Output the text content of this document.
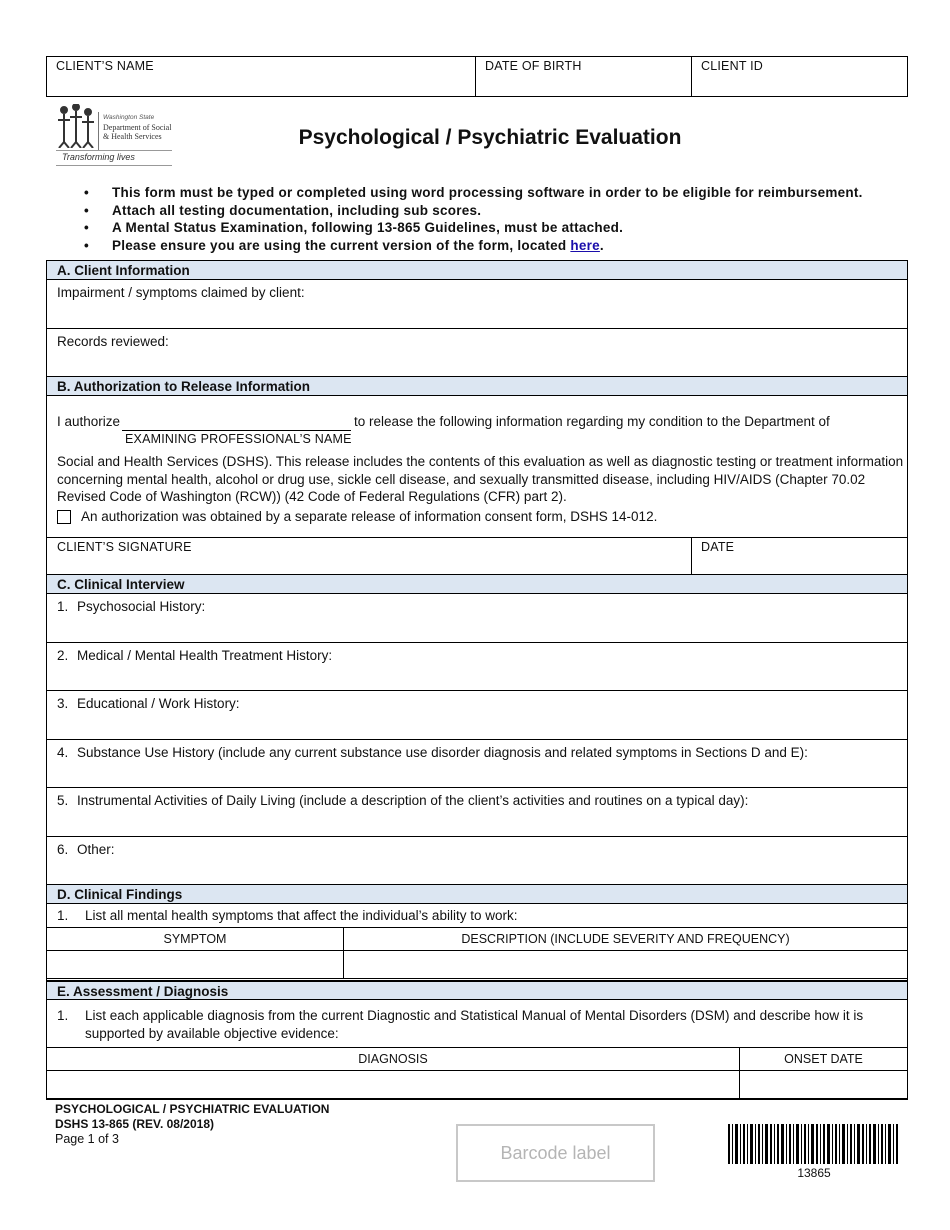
CLIENT’S NAME	DATE OF BIRTH	CLIENT ID
Washington State
Department of Social
& Health Services
Transforming lives
Psychological / Psychiatric Evaluation
• This form must be typed or completed using word processing software in order to be eligible for reimbursement.
• Attach all testing documentation, including sub scores.
• A Mental Status Examination, following 13-865 Guidelines, must be attached.
• Please ensure you are using the current version of the form, located here.
A. Client Information
Impairment / symptoms claimed by client:
Records reviewed:
B. Authorization to Release Information
I authorize	to release the following information regarding my condition to the Department of
EXAMINING PROFESSIONAL’S NAME
Social and Health Services (DSHS). This release includes the contents of this evaluation as well as diagnostic testing or treatment information concerning mental health, alcohol or drug use, sickle cell disease, and sexually transmitted disease, including HIV/AIDS (Chapter 70.02 Revised Code of Washington (RCW)) (42 Code of Federal Regulations (CFR) part 2).
An authorization was obtained by a separate release of information consent form, DSHS 14-012.
CLIENT’S SIGNATURE	DATE
C. Clinical Interview
1. Psychosocial History:
2. Medical / Mental Health Treatment History:
3. Educational / Work History:
4. Substance Use History (include any current substance use disorder diagnosis and related symptoms in Sections D and E):
5. Instrumental Activities of Daily Living (include a description of the client’s activities and routines on a typical day):
6. Other:
D. Clinical Findings
1. List all mental health symptoms that affect the individual’s ability to work:
SYMPTOM	DESCRIPTION (INCLUDE SEVERITY AND FREQUENCY)

E. Assessment / Diagnosis
1.	List each applicable diagnosis from the current Diagnostic and Statistical Manual of Mental Disorders (DSM) and describe how it is supported by available objective evidence:
DIAGNOSIS	ONSET DATE

PSYCHOLOGICAL / PSYCHIATRIC EVALUATION
DSHS 13-865 (REV. 08/2018)
Page 1 of 3
Barcode label
13865
